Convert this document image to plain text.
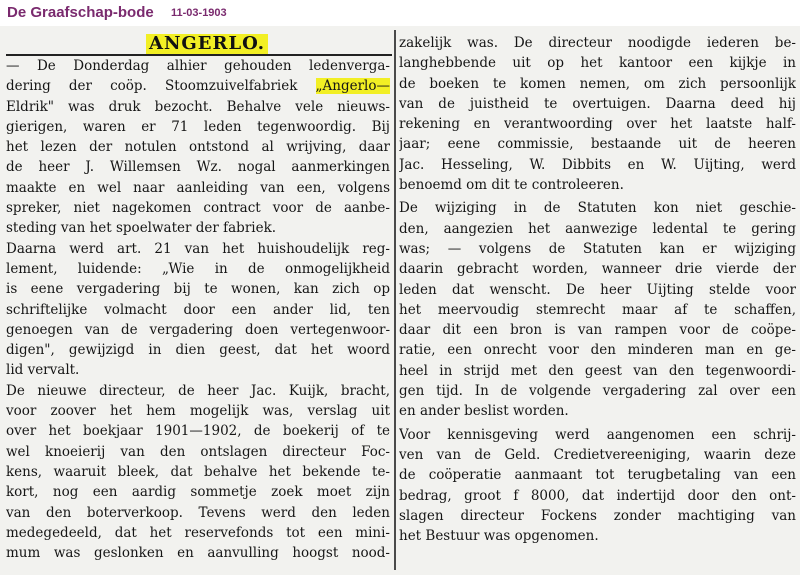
De Graafschap-bode 11-03-1903
ANGERLO.
— De Donderdag alhier gehouden ledenverga-
dering der coöp. Stoomzuivelfabriek „Angerlo—
Eldrik" was druk bezocht. Behalve vele nieuws-
gierigen, waren er 71 leden tegenwoordig. Bij
het lezen der notulen ontstond al wrijving, daar
de heer J. Willemsen Wz. nogal aanmerkingen
maakte en wel naar aanleiding van een, volgens
spreker, niet nagekomen contract voor de aanbe-
steding van het spoelwater der fabriek.
Daarna werd art. 21 van het huishoudelijk reg-
lement, luidende: „Wie in de onmogelijkheid
is eene vergadering bij te wonen, kan zich op
schriftelijke volmacht door een ander lid, ten
genoegen van de vergadering doen vertegenwoor-
digen", gewijzigd in dien geest, dat het woord
lid vervalt.
De nieuwe directeur, de heer Jac. Kuijk, bracht,
voor zoover het hem mogelijk was, verslag uit
over het boekjaar 1901—1902, de boekerij of te
wel knoeierij van den ontslagen directeur Foc-
kens, waaruit bleek, dat behalve het bekende te-
kort, nog een aardig sommetje zoek moet zijn
van den boterverkoop. Tevens werd den leden
medegedeeld, dat het reservefonds tot een mini-
mum was geslonken en aanvulling hoogst nood-
zakelijk was. De directeur noodigde iederen be-
langhebbende uit op het kantoor een kijkje in
de boeken te komen nemen, om zich persoonlijk
van de juistheid te overtuigen. Daarna deed hij
rekening en verantwoording over het laatste half-
jaar; eene commissie, bestaande uit de heeren
Jac. Hesseling, W. Dibbits en W. Uijting, werd
benoemd om dit te controleeren.
De wijziging in de Statuten kon niet geschie-
den, aangezien het aanwezige ledental te gering
was; — volgens de Statuten kan er wijziging
daarin gebracht worden, wanneer drie vierde der
leden dat wenscht. De heer Uijting stelde voor
het meervoudig stemrecht maar af te schaffen,
daar dit een bron is van rampen voor de coöpe-
ratie, een onrecht voor den minderen man en ge-
heel in strijd met den geest van den tegenwoordi-
gen tijd. In de volgende vergadering zal over een
en ander beslist worden.
Voor kennisgeving werd aangenomen een schrij-
ven van de Geld. Credietvereeniging, waarin deze
de coöperatie aanmaant tot terugbetaling van een
bedrag, groot f 8000, dat indertijd door den ont-
slagen directeur Fockens zonder machtiging van
het Bestuur was opgenomen.
